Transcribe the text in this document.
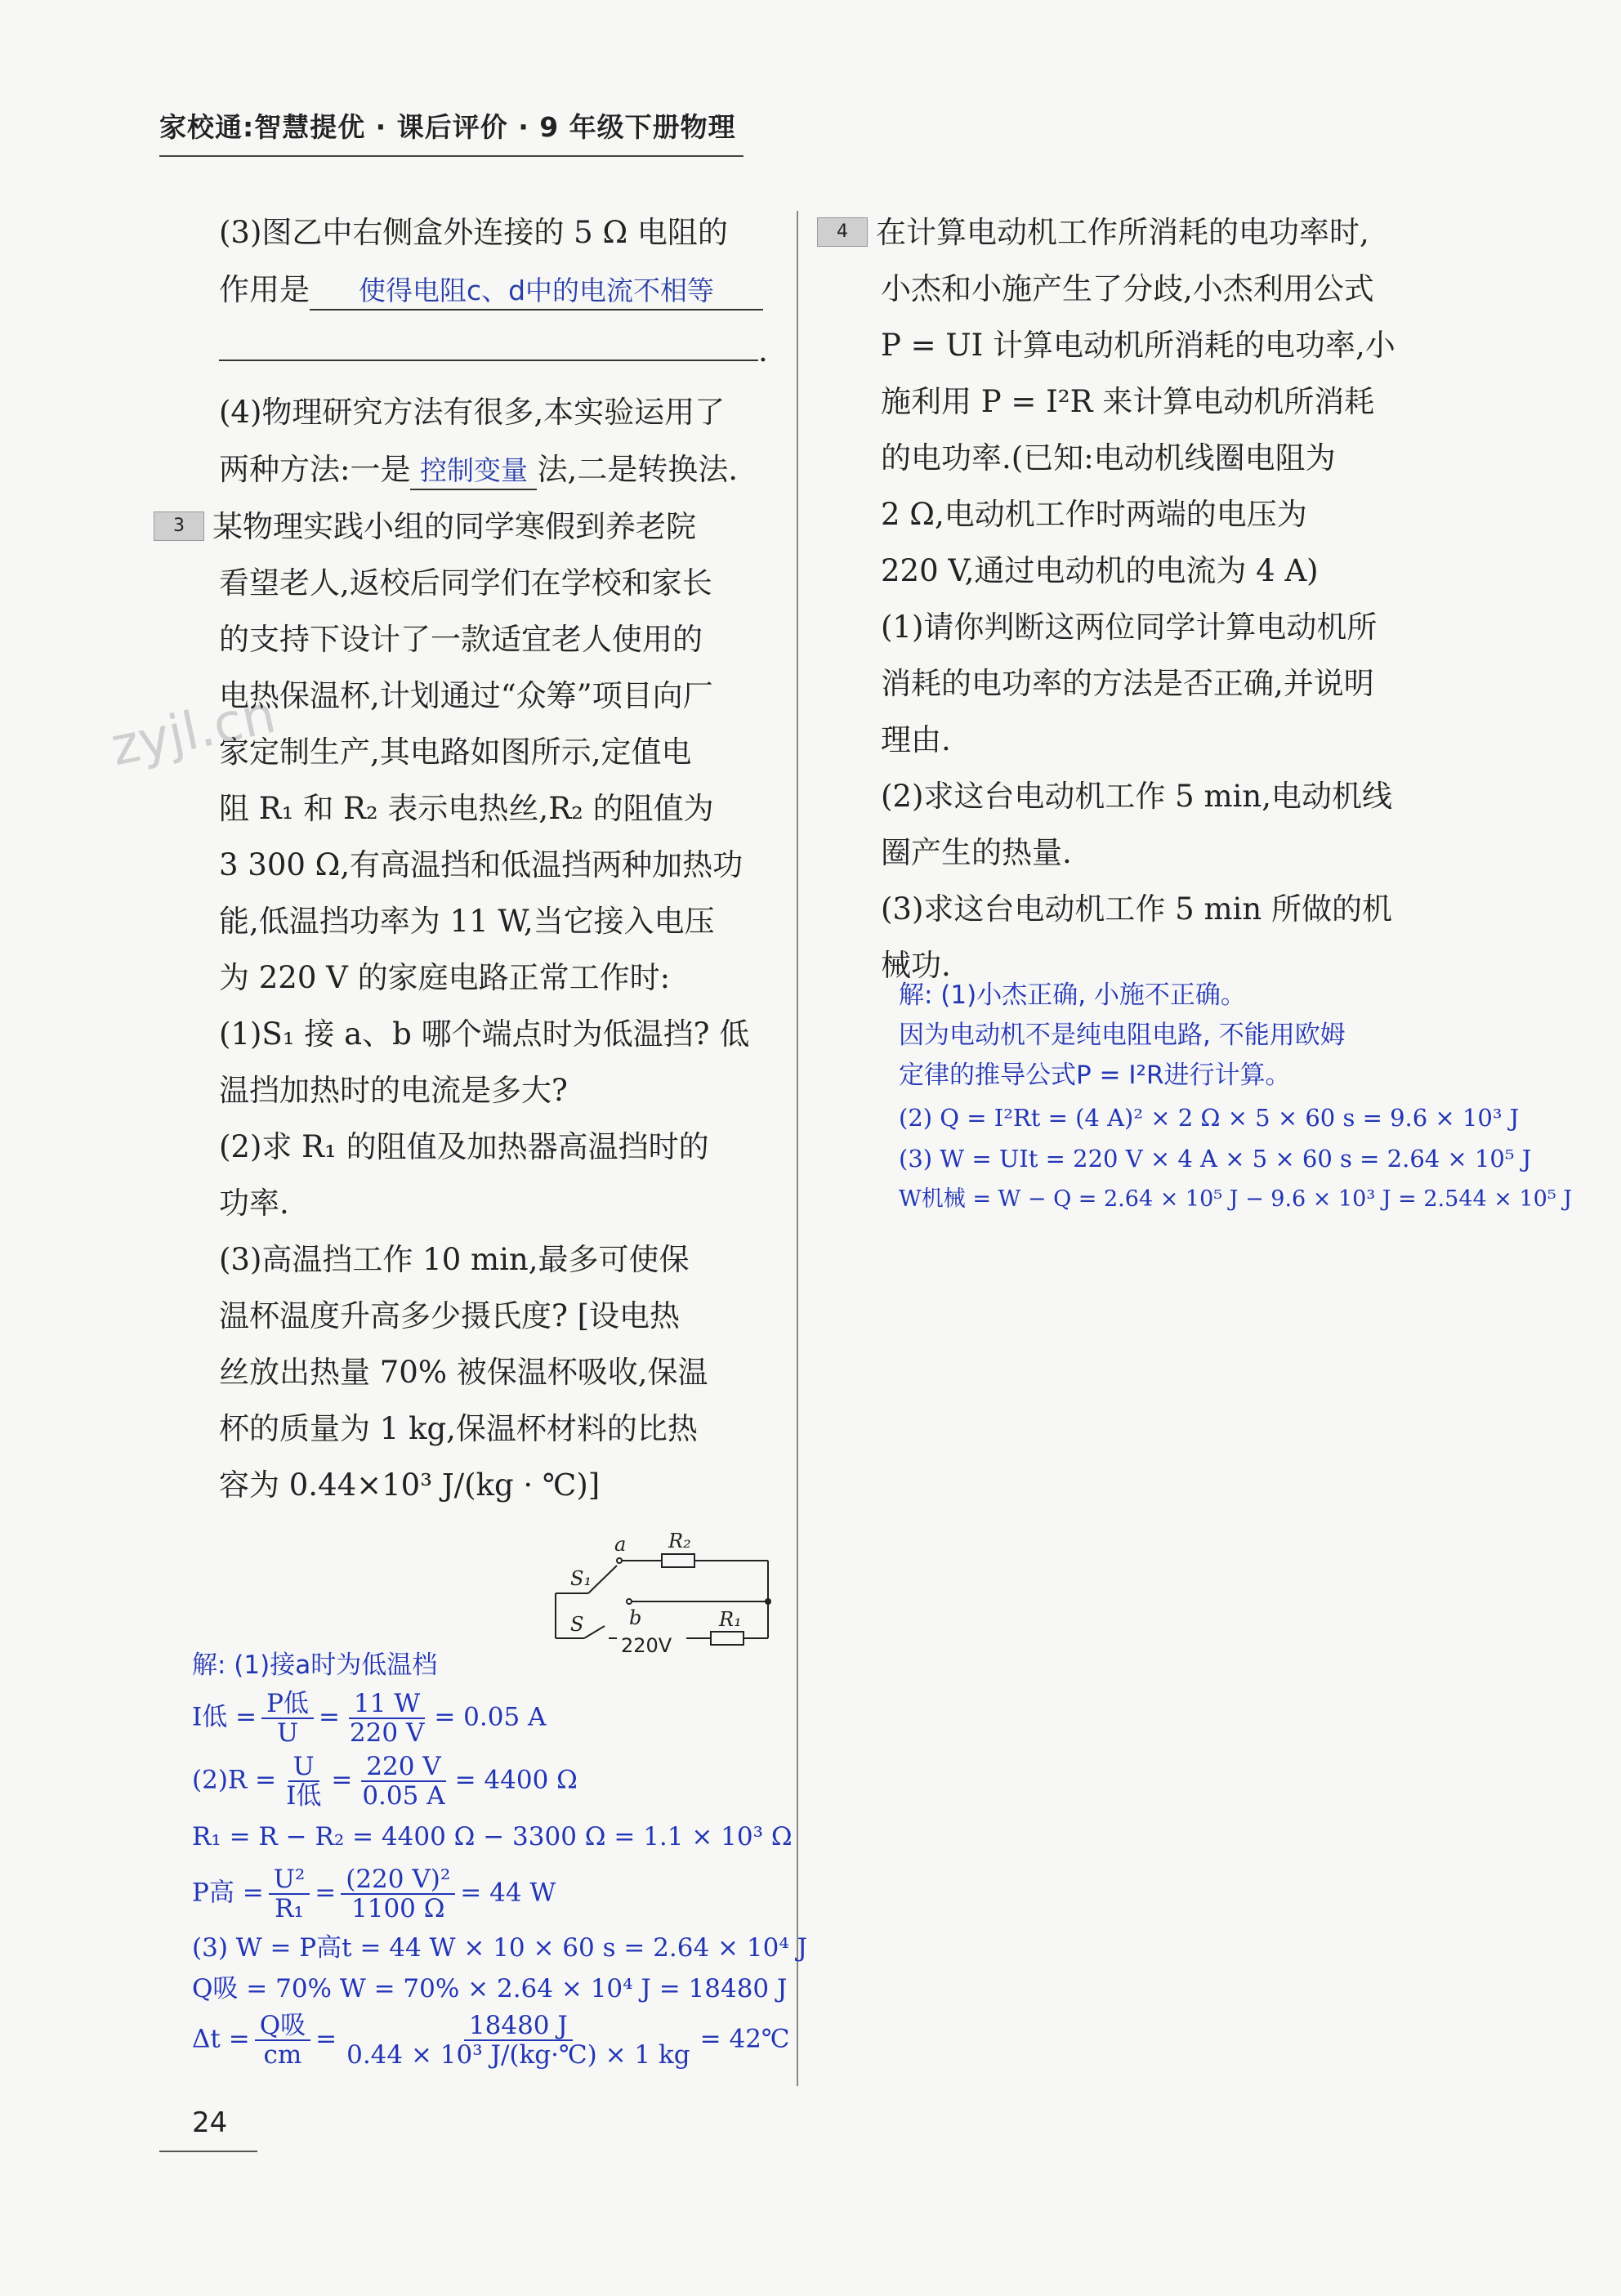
家校通:智慧提优 · 课后评价 · 9 年级下册物理
zyjl.cn
(3)图乙中右侧盒外连接的 5 Ω 电阻的
作用是 使得电阻c、d中的电流不相等
.
(4)物理研究方法有很多,本实验运用了
两种方法:一是 控制变量 法,二是转换法.
3 某物理实践小组的同学寒假到养老院
看望老人,返校后同学们在学校和家长
的支持下设计了一款适宜老人使用的
电热保温杯,计划通过“众筹”项目向厂
家定制生产,其电路如图所示,定值电
阻 R₁ 和 R₂ 表示电热丝,R₂ 的阻值为
3 300 Ω,有高温挡和低温挡两种加热功
能,低温挡功率为 11 W,当它接入电压
为 220 V 的家庭电路正常工作时:
(1)S₁ 接 a、b 哪个端点时为低温挡? 低
温挡加热时的电流是多大?
(2)求 R₁ 的阻值及加热器高温挡时的
功率.
(3)高温挡工作 10 min,最多可使保
温杯温度升高多少摄氏度? [设电热
丝放出热量 70% 被保温杯吸收,保温
杯的质量为 1 kg,保温杯材料的比热
容为 0.44×10³ J/(kg · ℃)]
S₁
a
b
R₂
R₁
S
220V
解: (1)接a时为低温档
I低 = $\frac{\text{P低}}{U} = \frac{11 W}{220 V} = 0.05$ A
$(2)R = \frac{U}{\text{I低}} = \frac{220 V}{0.05 A} = 4400$ Ω
R₁ = R − R₂ = 4400 Ω − 3300 Ω = 1.1 × 10³ Ω
P高 = $\frac{\text{U²}}{\text{R₁}} = \frac{\text{(220 V)²}}{1100 \Omega} = 44$ W
(3) W = P高t = 44 W × 10 × 60 s = 2.64 × 10⁴ J
Q吸 = 70% W = 70% × 2.64 × 10⁴ J = 18480 J
$\Delta t = \frac{\text{Q吸}}{cm} = \frac{18480 J}{\text{0.44 × 10³ J/(kg·℃) × 1 kg}}$ = 42℃
4 在计算电动机工作所消耗的电功率时,
小杰和小施产生了分歧,小杰利用公式
P = UI 计算电动机所消耗的电功率,小
施利用 P = I²R 来计算电动机所消耗
的电功率.(已知:电动机线圈电阻为
2 Ω,电动机工作时两端的电压为
220 V,通过电动机的电流为 4 A)
(1)请你判断这两位同学计算电动机所
消耗的电功率的方法是否正确,并说明
理由.
(2)求这台电动机工作 5 min,电动机线
圈产生的热量.
(3)求这台电动机工作 5 min 所做的机
械功.
解: (1)小杰正确, 小施不正确。
因为电动机不是纯电阻电路, 不能用欧姆
定律的推导公式P = I²R进行计算。
(2) Q = I²Rt = (4 A)² × 2 Ω × 5 × 60 s = 9.6 × 10³ J
(3) W = UIt = 220 V × 4 A × 5 × 60 s = 2.64 × 10⁵ J
W机械 = W − Q = 2.64 × 10⁵ J − 9.6 × 10³ J = 2.544 × 10⁵ J
24
